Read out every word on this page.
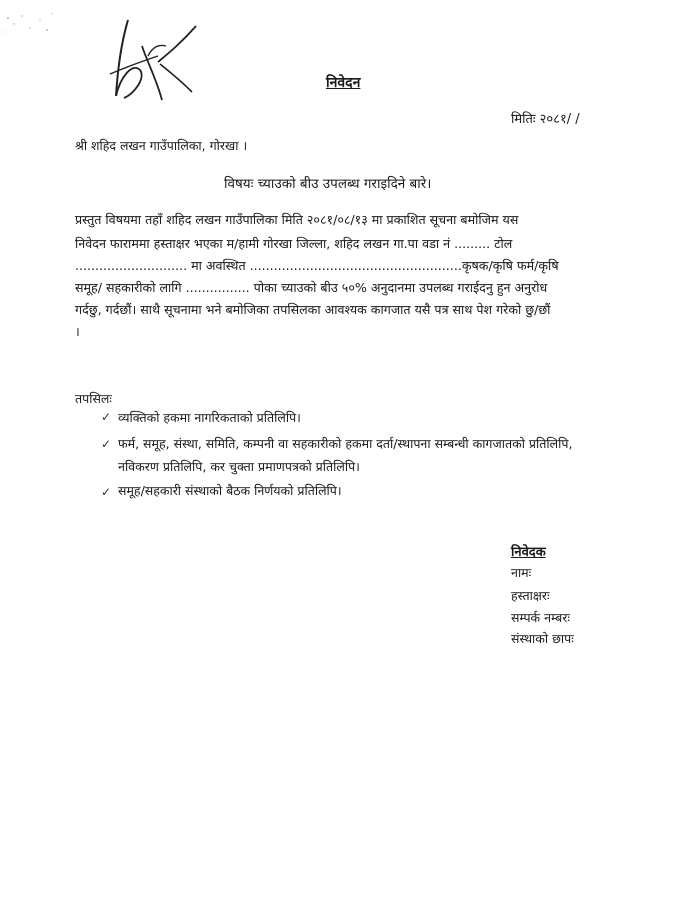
निवेदन
मितिः २०८१/ /
श्री शहिद लखन गाउँपालिका, गोरखा ।
विषयः च्याउको बीउ उपलब्ध गराइदिने बारे।
प्रस्तुत विषयमा तहाँ शहिद लखन गाउँपालिका मिति २०८१/०८/१३ मा प्रकाशित सूचना बमोजिम यस
निवेदन फाराममा हस्ताक्षर भएका म/हामी गोरखा जिल्ला, शहिद लखन गा.पा वडा नं ......... टोल
............................ मा अवस्थित .....................................................कृषक/कृषि फर्म/कृषि
समूह/ सहकारीको लागि ................ पोका च्याउको बीउ ५०% अनुदानमा उपलब्ध गराईदनु हुन अनुरोध
गर्दछु, गर्दछौं। साथै सूचनामा भने बमोजिका तपसिलका आवश्यक कागजात यसै पत्र साथ पेश गरेको छु/छौं
।
तपसिलः
✓ व्यक्तिको हकमा नागरिकताको प्रतिलिपि।
✓ फर्म, समूह, संस्था, समिति, कम्पनी वा सहकारीको हकमा दर्ता/स्थापना सम्बन्धी कागजातको प्रतिलिपि,
नविकरण प्रतिलिपि, कर चुक्ता प्रमाणपत्रको प्रतिलिपि।
✓ समूह/सहकारी संस्थाको बैठक निर्णयको प्रतिलिपि।
निवेदक
नामः
हस्ताक्षरः
सम्पर्क नम्बरः
संस्थाको छापः
